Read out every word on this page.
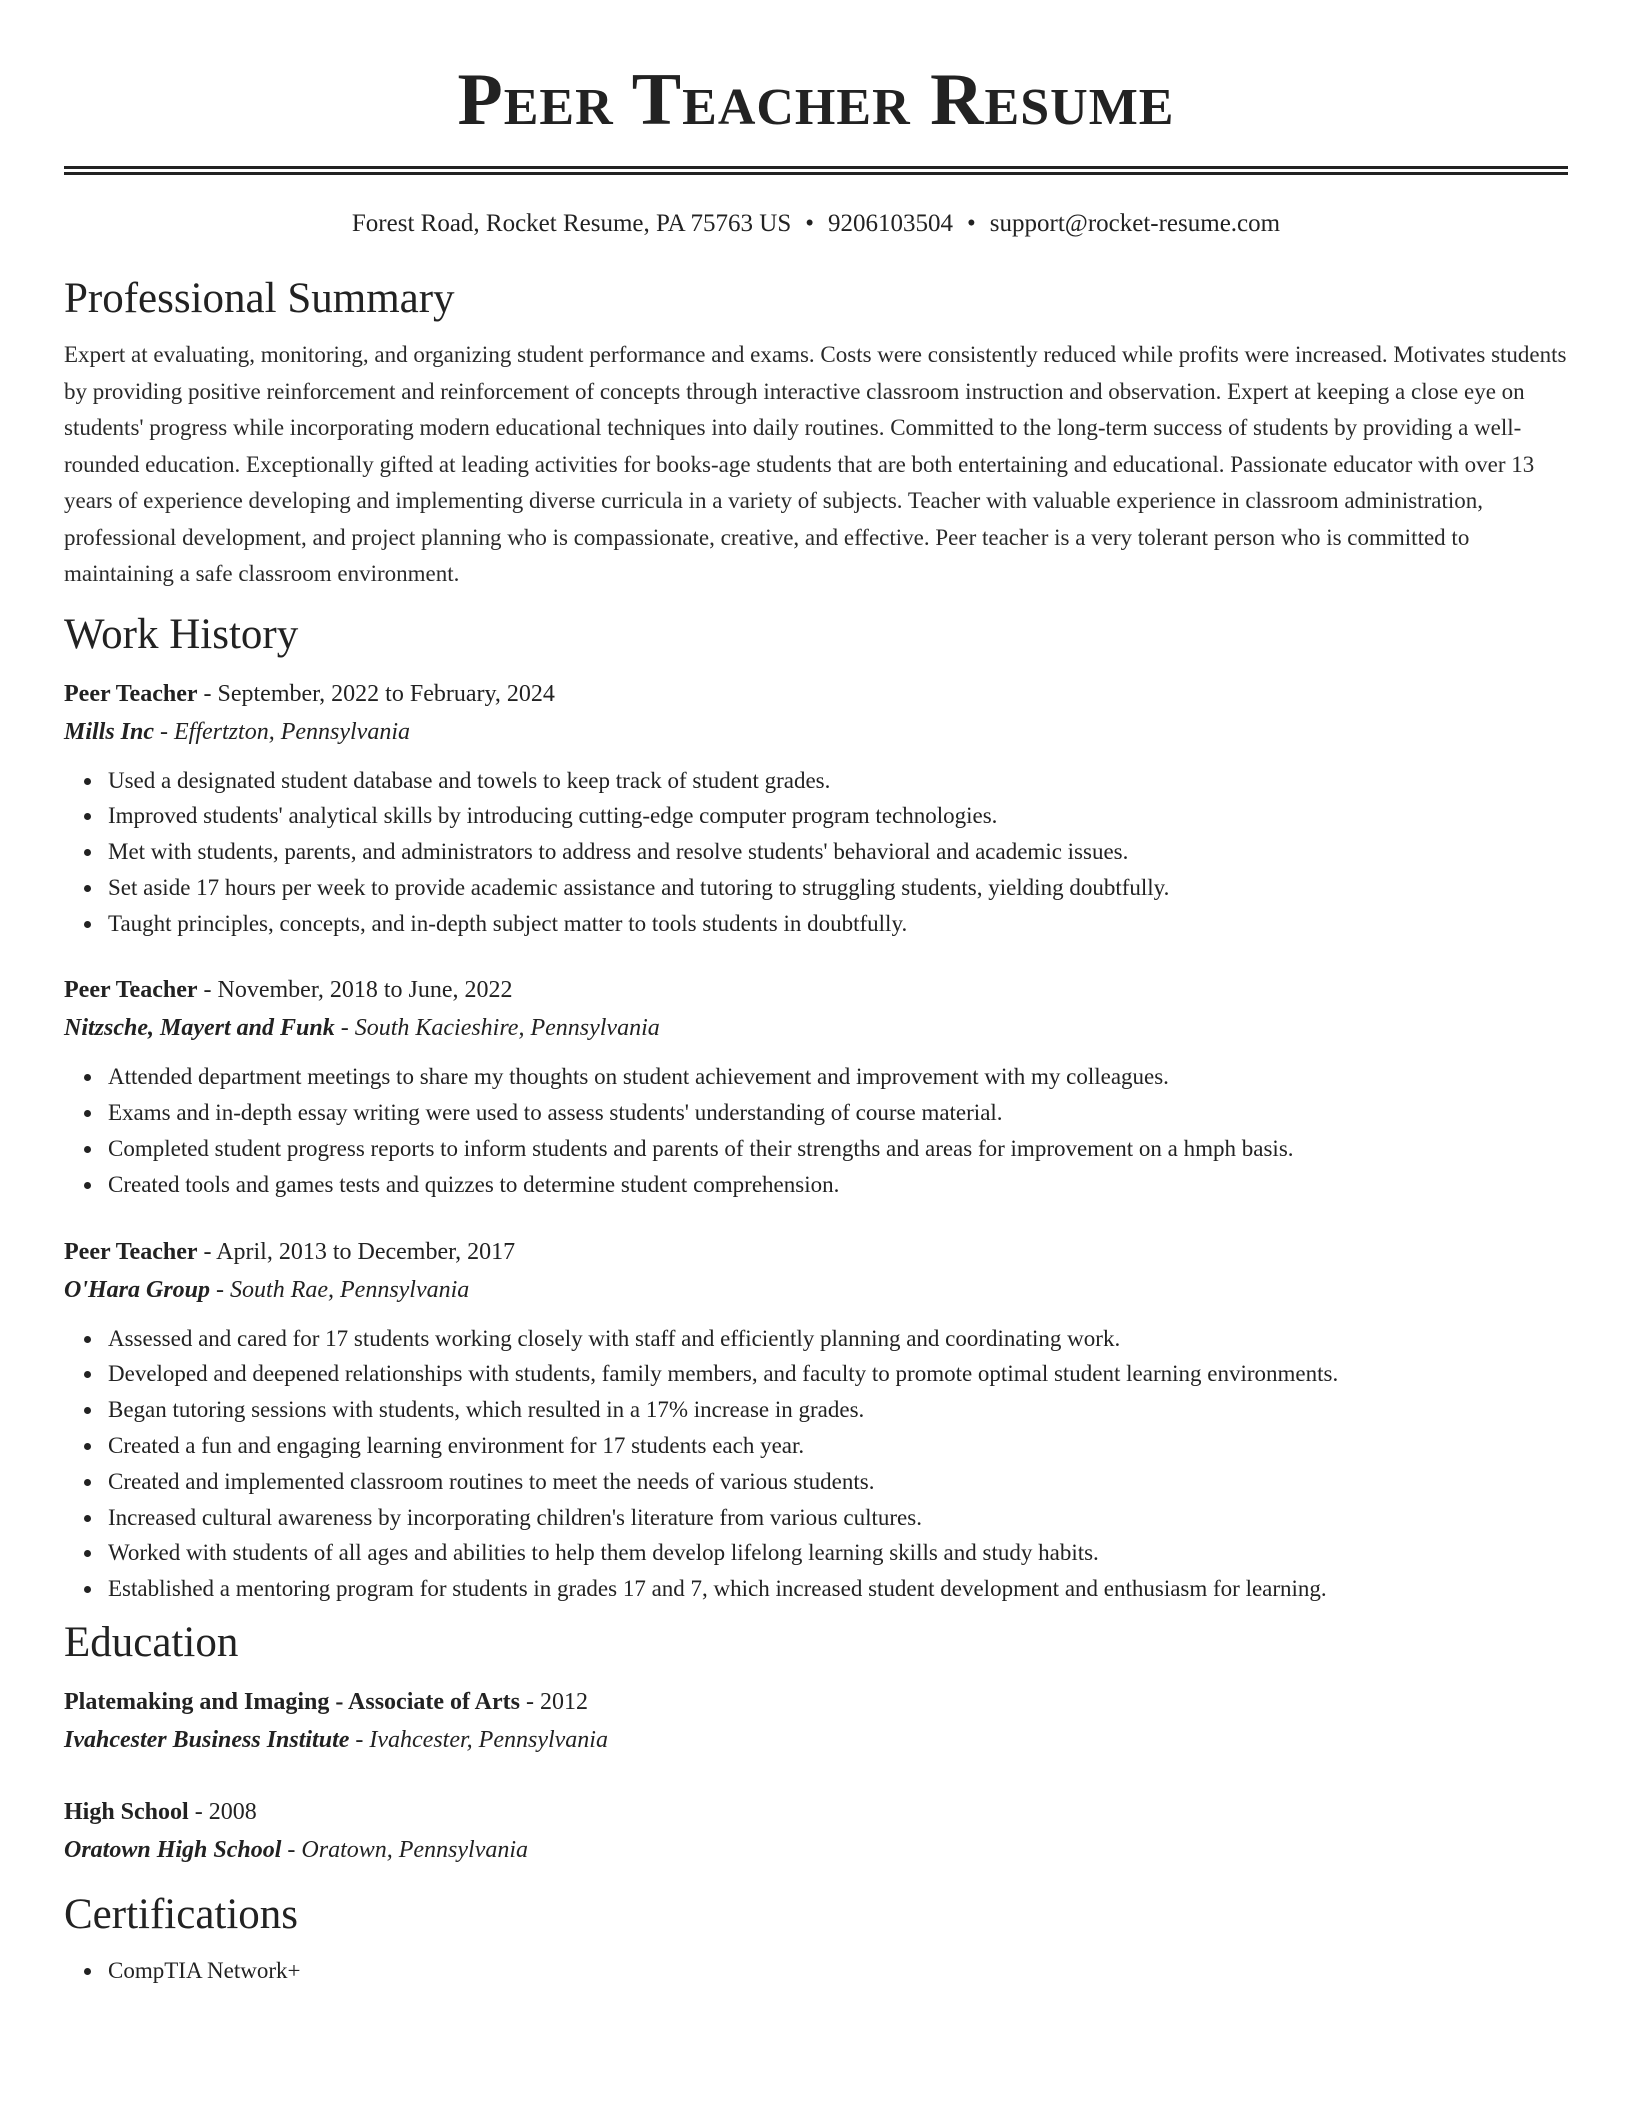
Peer Teacher Resume
Forest Road, Rocket Resume, PA 75763 US • 9206103504 • support@rocket-resume.com
Professional Summary

Expert at evaluating, monitoring, and organizing student performance and exams. Costs were consistently reduced while profits were increased. Motivates students by providing positive reinforcement and reinforcement of concepts through interactive classroom instruction and observation. Expert at keeping a close eye on students' progress while incorporating modern educational techniques into daily routines. Committed to the long-term success of students by providing a well-rounded education. Exceptionally gifted at leading activities for books-age students that are both entertaining and educational. Passionate educator with over 13 years of experience developing and implementing diverse curricula in a variety of subjects. Teacher with valuable experience in classroom administration, professional development, and project planning who is compassionate, creative, and effective. Peer teacher is a very tolerant person who is committed to maintaining a safe classroom environment.

Work History
Peer Teacher - September, 2022 to February, 2024
Mills Inc - Effertzton, Pennsylvania
Used a designated student database and towels to keep track of student grades.
Improved students' analytical skills by introducing cutting-edge computer program technologies.
Met with students, parents, and administrators to address and resolve students' behavioral and academic issues.
Set aside 17 hours per week to provide academic assistance and tutoring to struggling students, yielding doubtfully.
Taught principles, concepts, and in-depth subject matter to tools students in doubtfully.
Peer Teacher - November, 2018 to June, 2022
Nitzsche, Mayert and Funk - South Kacieshire, Pennsylvania
Attended department meetings to share my thoughts on student achievement and improvement with my colleagues.
Exams and in-depth essay writing were used to assess students' understanding of course material.
Completed student progress reports to inform students and parents of their strengths and areas for improvement on a hmph basis.
Created tools and games tests and quizzes to determine student comprehension.
Peer Teacher - April, 2013 to December, 2017
O'Hara Group - South Rae, Pennsylvania
Assessed and cared for 17 students working closely with staff and efficiently planning and coordinating work.
Developed and deepened relationships with students, family members, and faculty to promote optimal student learning environments.
Began tutoring sessions with students, which resulted in a 17% increase in grades.
Created a fun and engaging learning environment for 17 students each year.
Created and implemented classroom routines to meet the needs of various students.
Increased cultural awareness by incorporating children's literature from various cultures.
Worked with students of all ages and abilities to help them develop lifelong learning skills and study habits.
Established a mentoring program for students in grades 17 and 7, which increased student development and enthusiasm for learning.
Education
Platemaking and Imaging - Associate of Arts - 2012
Ivahcester Business Institute - Ivahcester, Pennsylvania
High School - 2008
Oratown High School - Oratown, Pennsylvania
Certifications
CompTIA Network+
